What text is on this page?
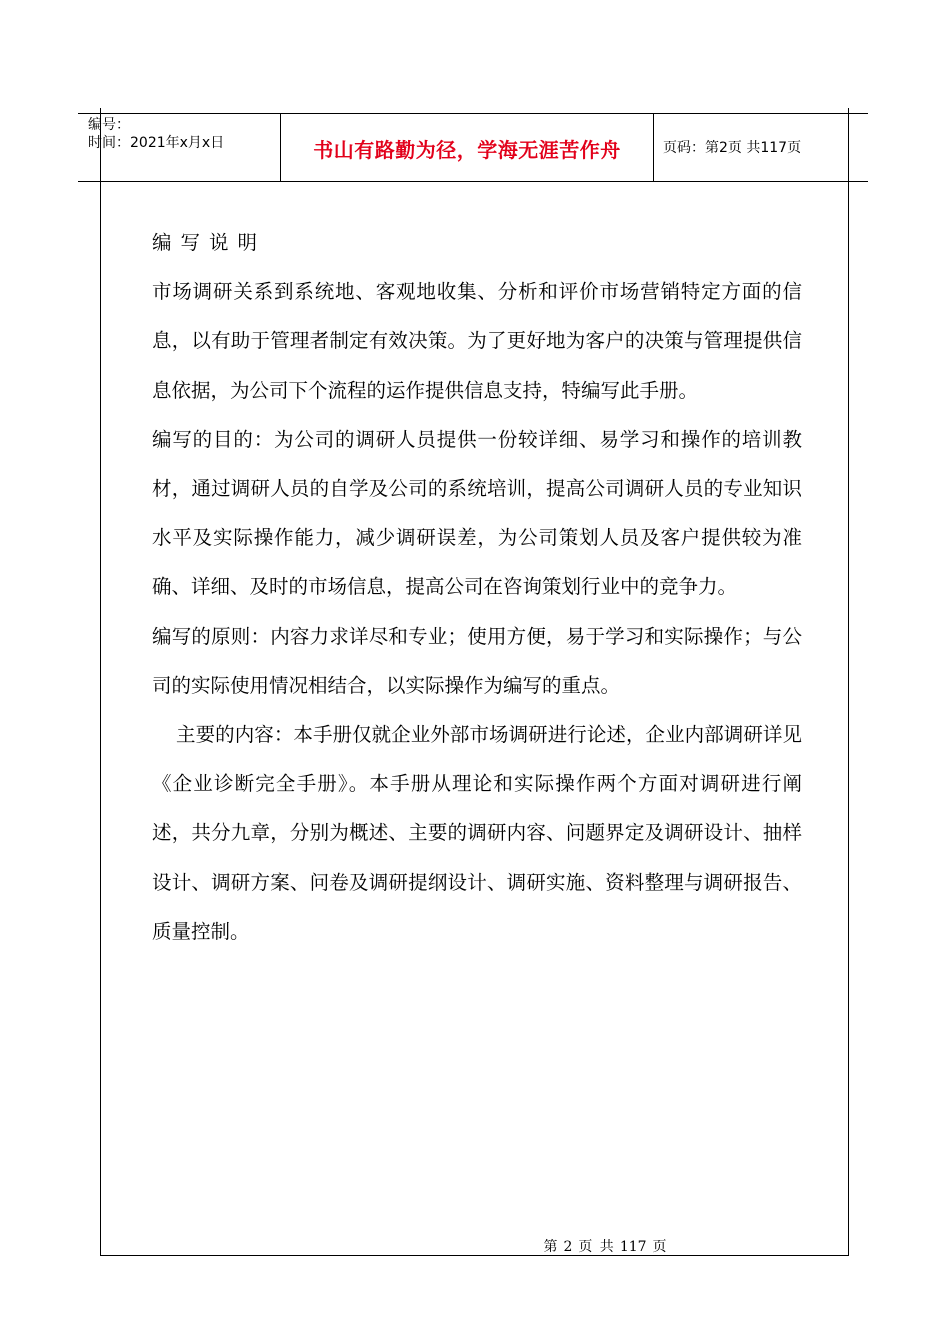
编号：
时间：2021年x月x日	书山有路勤为径，学海无涯苦作舟	页码：第2页 共117页

编写说明

市场调研关系到系统地、客观地收集、分析和评价市场营销特定方面的信息，以有助于管理者制定有效决策。为了更好地为客户的决策与管理提供信息依据，为公司下个流程的运作提供信息支持，特编写此手册。

编写的目的：为公司的调研人员提供一份较详细、易学习和操作的培训教材，通过调研人员的自学及公司的系统培训，提高公司调研人员的专业知识水平及实际操作能力，减少调研误差，为公司策划人员及客户提供较为准确、详细、及时的市场信息，提高公司在咨询策划行业中的竞争力。

编写的原则：内容力求详尽和专业；使用方便，易于学习和实际操作；与公司的实际使用情况相结合，以实际操作为编写的重点。

主要的内容：本手册仅就企业外部市场调研进行论述，企业内部调研详见《企业诊断完全手册》。本手册从理论和实际操作两个方面对调研进行阐述，共分九章，分别为概述、主要的调研内容、问题界定及调研设计、抽样设计、调研方案、问卷及调研提纲设计、调研实施、资料整理与调研报告、质量控制。

第 2 页 共 117 页
